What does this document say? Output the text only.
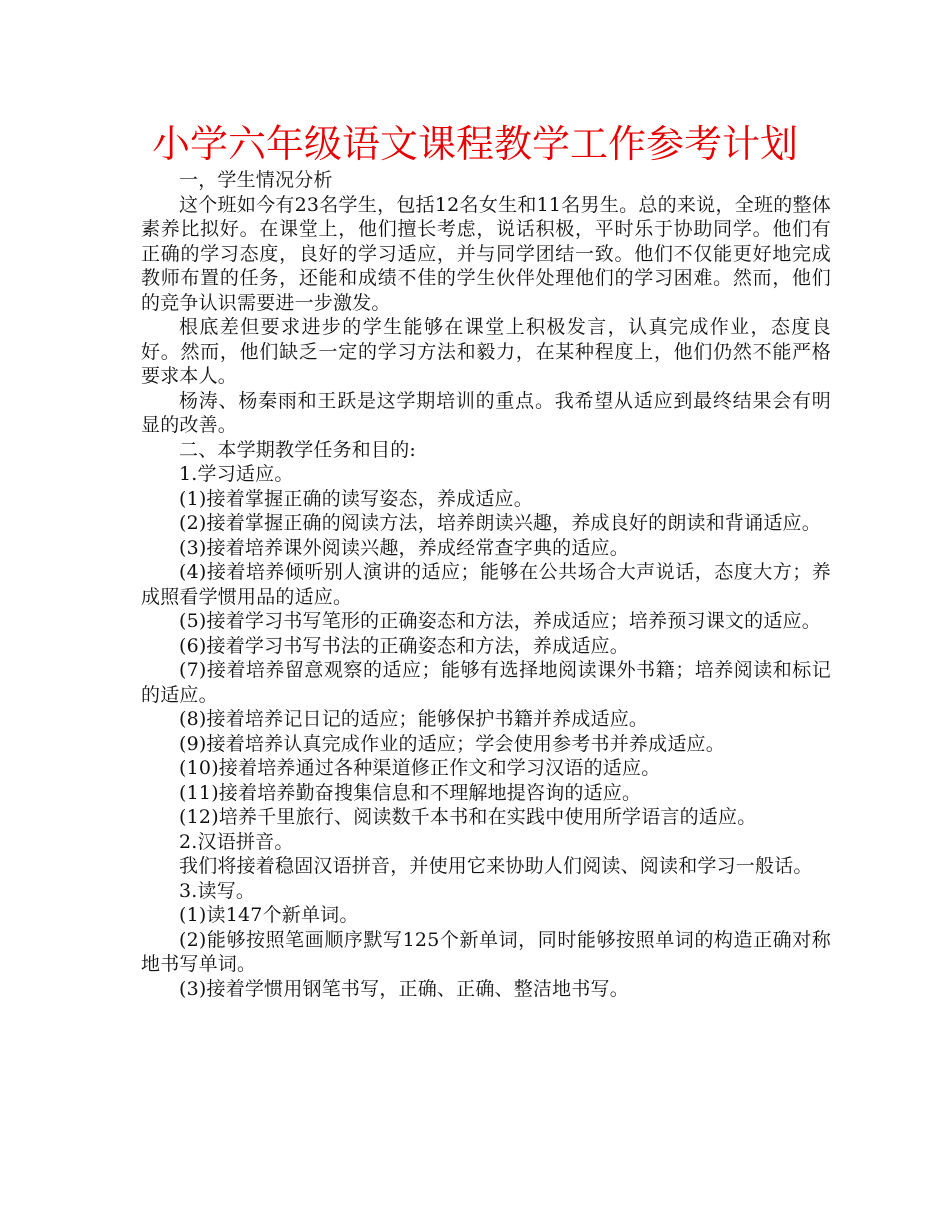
小学六年级语文课程教学工作参考计划

一，学生情况分析

这个班如今有23名学生，包括12名女生和11名男生。总的来说，全班的整体素养比拟好。在课堂上，他们擅长考虑，说话积极，平时乐于协助同学。他们有正确的学习态度，良好的学习适应，并与同学团结一致。他们不仅能更好地完成教师布置的任务，还能和成绩不佳的学生伙伴处理他们的学习困难。然而，他们的竞争认识需要进一步激发。

根底差但要求进步的学生能够在课堂上积极发言，认真完成作业，态度良好。然而，他们缺乏一定的学习方法和毅力，在某种程度上，他们仍然不能严格要求本人。

杨涛、杨秦雨和王跃是这学期培训的重点。我希望从适应到最终结果会有明显的改善。

二、本学期教学任务和目的:

1.学习适应。

(1)接着掌握正确的读写姿态，养成适应。

(2)接着掌握正确的阅读方法，培养朗读兴趣，养成良好的朗读和背诵适应。

(3)接着培养课外阅读兴趣，养成经常查字典的适应。

(4)接着培养倾听别人演讲的适应；能够在公共场合大声说话，态度大方；养成照看学惯用品的适应。

(5)接着学习书写笔形的正确姿态和方法，养成适应；培养预习课文的适应。

(6)接着学习书写书法的正确姿态和方法，养成适应。

(7)接着培养留意观察的适应；能够有选择地阅读课外书籍；培养阅读和标记的适应。

(8)接着培养记日记的适应；能够保护书籍并养成适应。

(9)接着培养认真完成作业的适应；学会使用参考书并养成适应。

(10)接着培养通过各种渠道修正作文和学习汉语的适应。

(11)接着培养勤奋搜集信息和不理解地提咨询的适应。

(12)培养千里旅行、阅读数千本书和在实践中使用所学语言的适应。

2.汉语拼音。

我们将接着稳固汉语拼音，并使用它来协助人们阅读、阅读和学习一般话。

3.读写。

(1)读147个新单词。

(2)能够按照笔画顺序默写125个新单词，同时能够按照单词的构造正确对称地书写单词。

(3)接着学惯用钢笔书写，正确、正确、整洁地书写。
